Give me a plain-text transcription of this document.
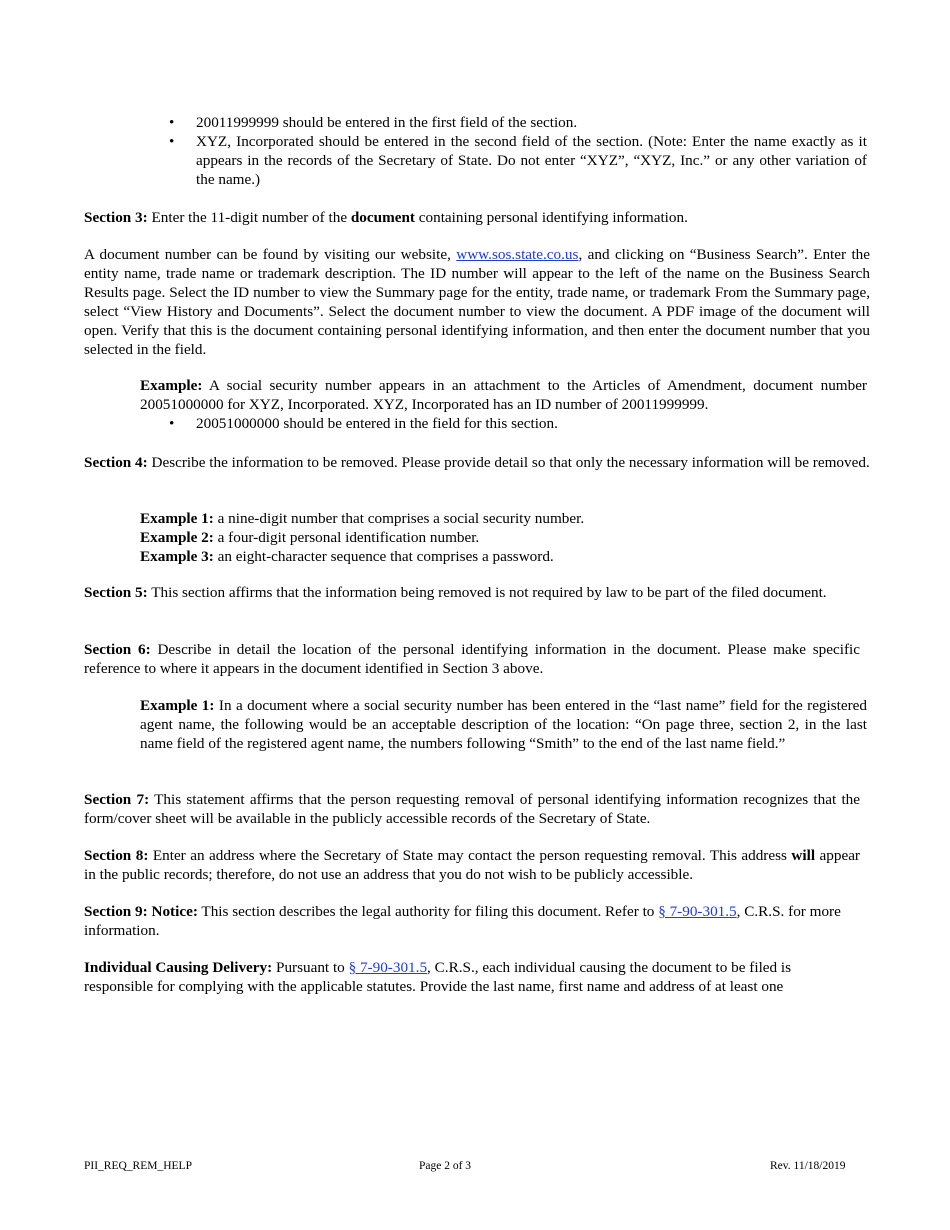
• 20011999999 should be entered in the first field of the section.
• XYZ, Incorporated should be entered in the second field of the section. (Note: Enter the name exactly as it appears in the records of the Secretary of State. Do not enter “XYZ”, “XYZ, Inc.” or any other variation of the name.)

Section 3: Enter the 11-digit number of the document containing personal identifying information.

A document number can be found by visiting our website, www.sos.state.co.us, and clicking on “Business Search”. Enter the entity name, trade name or trademark description. The ID number will appear to the left of the name on the Business Search Results page. Select the ID number to view the Summary page for the entity, trade name, or trademark From the Summary page, select “View History and Documents”. Select the document number to view the document. A PDF image of the document will open. Verify that this is the document containing personal identifying information, and then enter the document number that you selected in the field.

Example: A social security number appears in an attachment to the Articles of Amendment, document number 20051000000 for XYZ, Incorporated. XYZ, Incorporated has an ID number of 20011999999.

• 20051000000 should be entered in the field for this section.

Section 4: Describe the information to be removed. Please provide detail so that only the necessary information will be removed.

Example 1: a nine-digit number that comprises a social security number.
Example 2: a four-digit personal identification number.
Example 3: an eight-character sequence that comprises a password.

Section 5: This section affirms that the information being removed is not required by law to be part of the filed document.

Section 6: Describe in detail the location of the personal identifying information in the document. Please make specific reference to where it appears in the document identified in Section 3 above.

Example 1: In a document where a social security number has been entered in the “last name” field for the registered agent name, the following would be an acceptable description of the location: “On page three, section 2, in the last name field of the registered agent name, the numbers following “Smith” to the end of the last name field.”

Section 7: This statement affirms that the person requesting removal of personal identifying information recognizes that the form/cover sheet will be available in the publicly accessible records of the Secretary of State.

Section 8: Enter an address where the Secretary of State may contact the person requesting removal. This address will appear in the public records; therefore, do not use an address that you do not wish to be publicly accessible.

Section 9: Notice: This section describes the legal authority for filing this document. Refer to § 7-90-301.5, C.R.S. for more information.

Individual Causing Delivery: Pursuant to § 7-90-301.5, C.R.S., each individual causing the document to be filed is responsible for complying with the applicable statutes. Provide the last name, first name and address of at least one

PII_REQ_REM_HELP	Page 2 of 3	Rev. 11/18/2019
